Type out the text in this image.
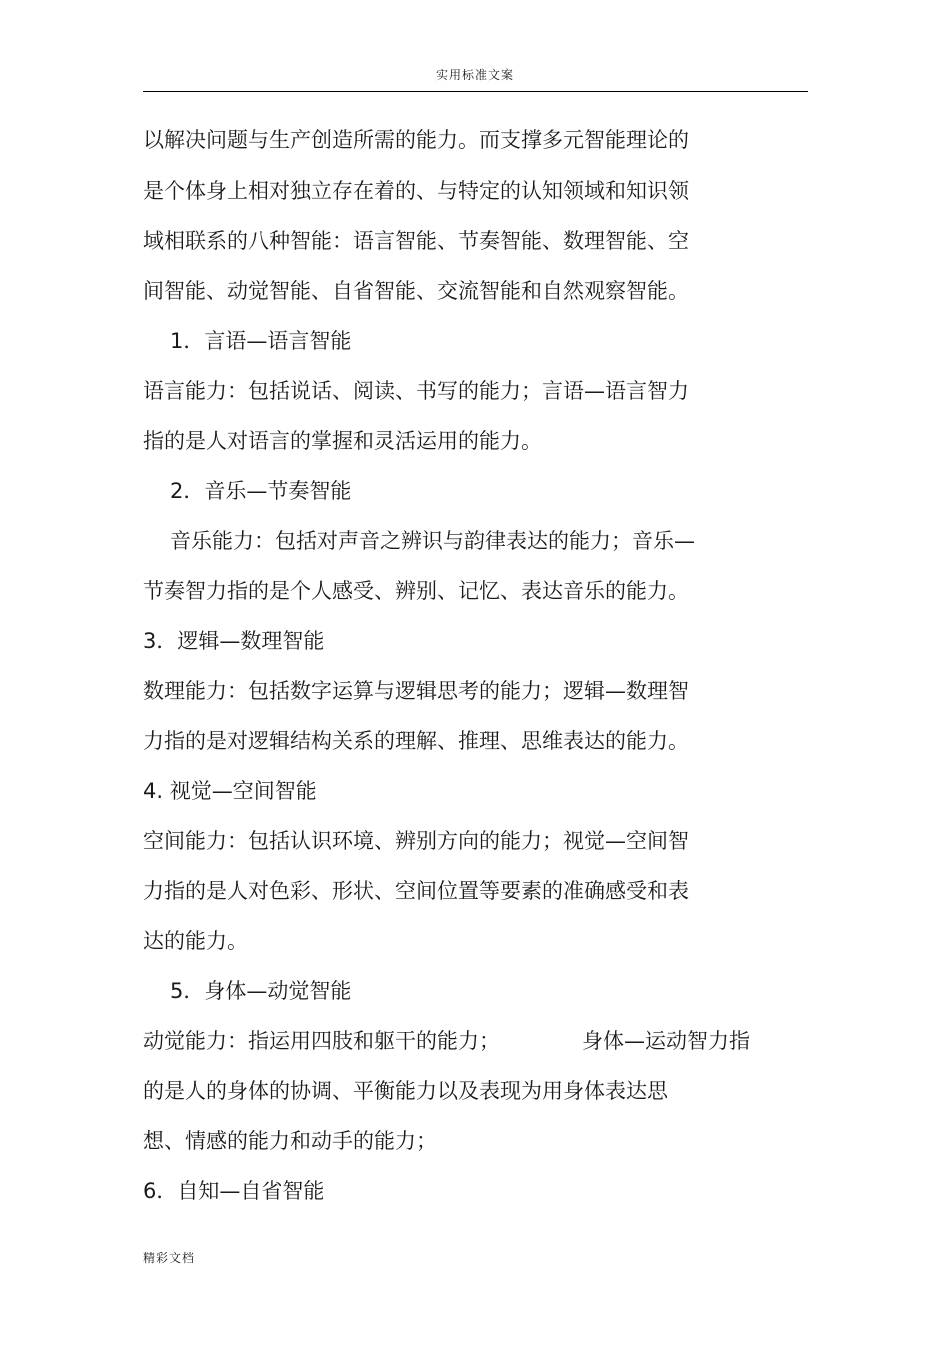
实用标准文案
以解决问题与生产创造所需的能力。而支撑多元智能理论的
是个体身上相对独立存在着的、与特定的认知领域和知识领
域相联系的八种智能：语言智能、节奏智能、数理智能、空
间智能、动觉智能、自省智能、交流智能和自然观察智能。
1．言语—语言智能
语言能力：包括说话、阅读、书写的能力；言语—语言智力
指的是人对语言的掌握和灵活运用的能力。
2．音乐—节奏智能
音乐能力：包括对声音之辨识与韵律表达的能力；音乐—
节奏智力指的是个人感受、辨别、记忆、表达音乐的能力。
3．逻辑—数理智能
数理能力：包括数字运算与逻辑思考的能力；逻辑—数理智
力指的是对逻辑结构关系的理解、推理、思维表达的能力。
4. 视觉—空间智能
空间能力：包括认识环境、辨别方向的能力；视觉—空间智
力指的是人对色彩、形状、空间位置等要素的准确感受和表
达的能力。
5．身体—动觉智能
动觉能力：指运用四肢和躯干的能力；	身体—运动智力指
的是人的身体的协调、平衡能力以及表现为用身体表达思
想、情感的能力和动手的能力；
6．自知—自省智能
精彩文档
